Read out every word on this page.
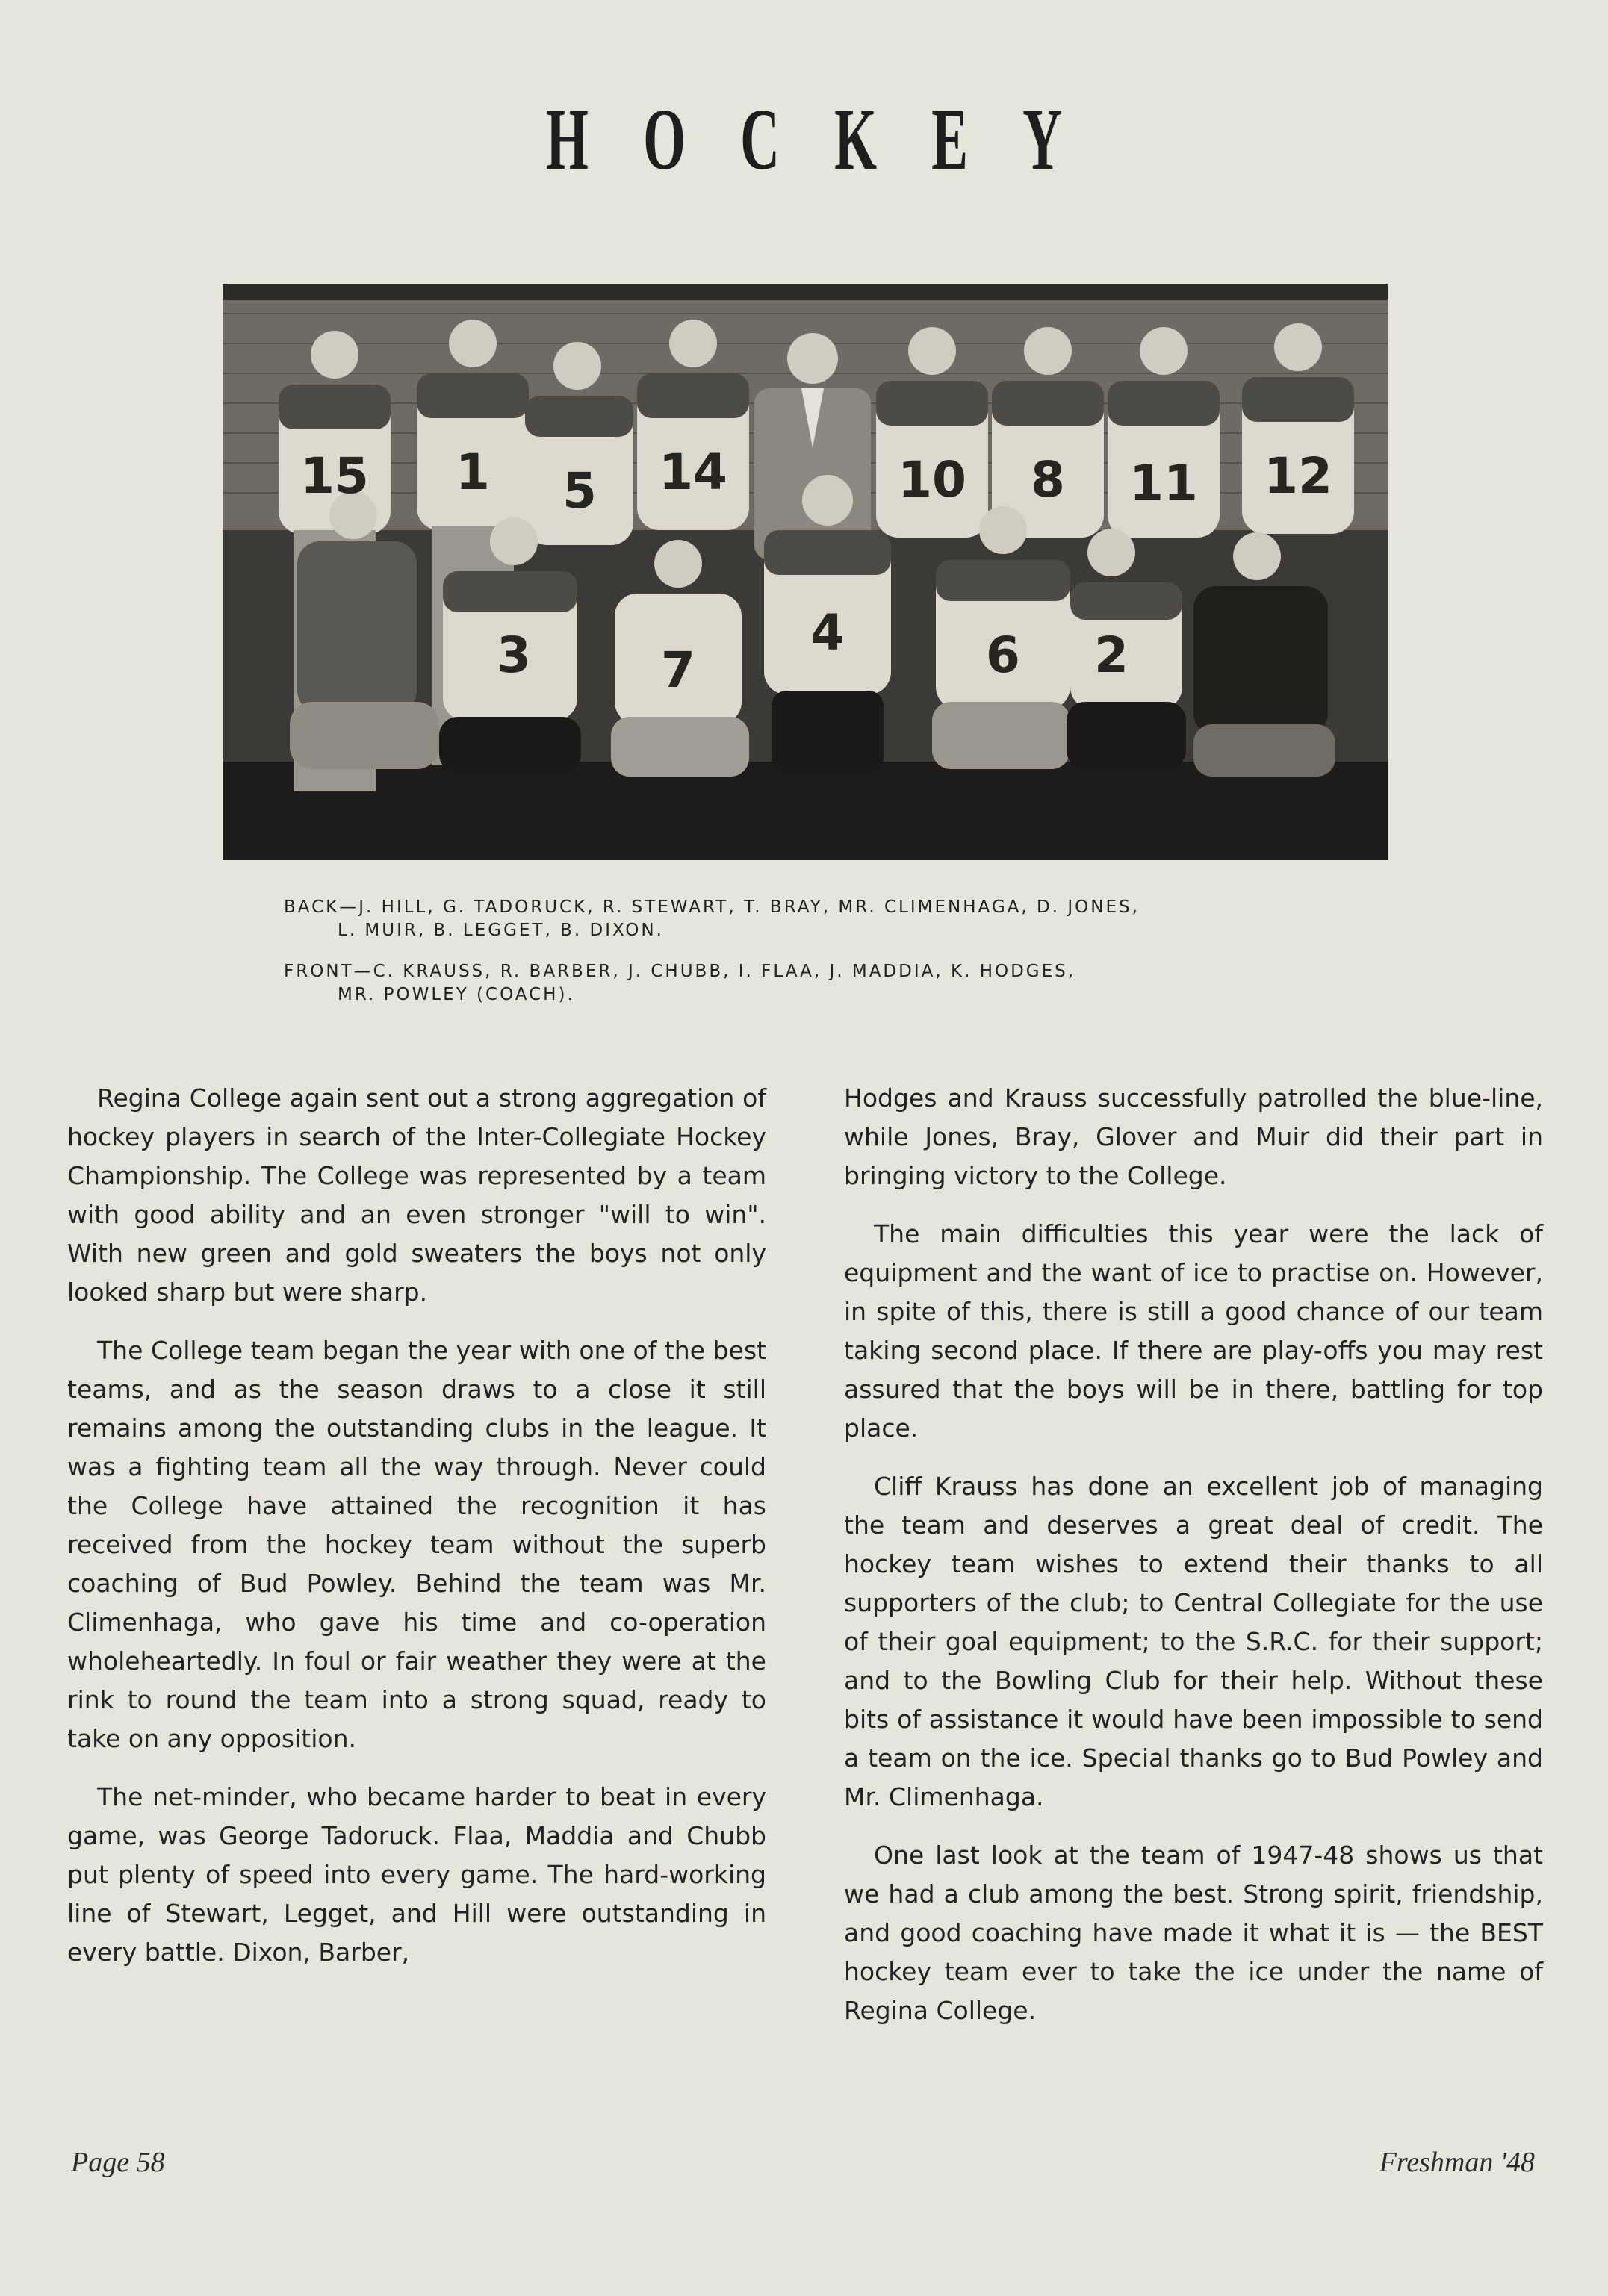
HOCKEY
15 1 5 14	10 8 11 12
3	7
4	6 2
BACK—J. HILL, G. TADORUCK, R. STEWART, T. BRAY, MR. CLIMENHAGA, D. JONES,
L. MUIR, B. LEGGET, B. DIXON.
FRONT—C. KRAUSS, R. BARBER, J. CHUBB, I. FLAA, J. MADDIA, K. HODGES,
MR. POWLEY (COACH).

Regina College again sent out a strong aggregation of hockey players in search of the Inter-Collegiate Hockey Championship. The College was represented by a team with good ability and an even stronger "will to win". With new green and gold sweaters the boys not only looked sharp but were sharp.

The College team began the year with one of the best teams, and as the season draws to a close it still remains among the outstanding clubs in the league. It was a fighting team all the way through. Never could the College have attained the recognition it has received from the hockey team without the superb coaching of Bud Powley. Behind the team was Mr. Climenhaga, who gave his time and co-operation wholeheartedly. In foul or fair weather they were at the rink to round the team into a strong squad, ready to take on any opposition.

The net-minder, who became harder to beat in every game, was George Tadoruck. Flaa, Maddia and Chubb put plenty of speed into every game. The hard-working line of Stewart, Legget, and Hill were outstanding in every battle. Dixon, Barber,

Hodges and Krauss successfully patrolled the blue-line, while Jones, Bray, Glover and Muir did their part in bringing victory to the College.

The main difficulties this year were the lack of equipment and the want of ice to practise on. However, in spite of this, there is still a good chance of our team taking second place. If there are play-offs you may rest assured that the boys will be in there, battling for top place.

Cliff Krauss has done an excellent job of managing the team and deserves a great deal of credit. The hockey team wishes to extend their thanks to all supporters of the club; to Central Collegiate for the use of their goal equipment; to the S.R.C. for their support; and to the Bowling Club for their help. Without these bits of assistance it would have been impossible to send a team on the ice. Special thanks go to Bud Powley and Mr. Climenhaga.

One last look at the team of 1947-48 shows us that we had a club among the best. Strong spirit, friendship, and good coaching have made it what it is — the BEST hockey team ever to take the ice under the name of Regina College.

Page 58	Freshman '48
